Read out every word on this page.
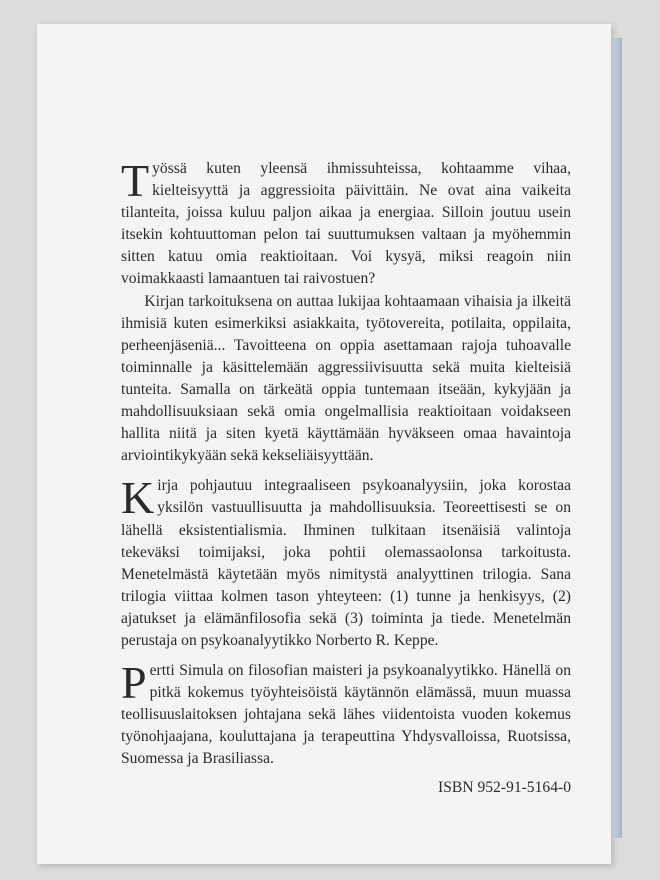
Työssä kuten yleensä ihmissuhteissa, kohtaamme vihaa, kielteisyyttä ja aggressioita päivittäin. Ne ovat aina vaikeita tilanteita, joissa kuluu paljon aikaa ja energiaa. Silloin joutuu usein itsekin kohtuuttoman pelon tai suuttumuksen valtaan ja myöhemmin sitten katuu omia reaktioitaan. Voi kysyä, miksi reagoin niin voimakkaasti lamaantuen tai raivostuen?

Kirjan tarkoituksena on auttaa lukijaa kohtaamaan vihaisia ja ilkeitä ihmisiä kuten esimerkiksi asiakkaita, työtovereita, potilaita, oppilaita, perheenjäseniä... Tavoitteena on oppia asettamaan rajoja tuhoavalle toiminnalle ja käsittelemään aggressiivisuutta sekä muita kielteisiä tunteita. Samalla on tärkeätä oppia tuntemaan itseään, kykyjään ja mahdollisuuksiaan sekä omia ongelmallisia reaktioitaan voidakseen hallita niitä ja siten kyetä käyttämään hyväkseen omaa havaintoja arviointikykyään sekä kekseliäisyyttään.

Kirja pohjautuu integraaliseen psykoanalyysiin, joka korostaa yksilön vastuullisuutta ja mahdollisuuksia. Teoreettisesti se on lähellä eksistentialismia. Ihminen tulkitaan itsenäisiä valintoja tekeväksi toimijaksi, joka pohtii olemassaolonsa tarkoitusta. Menetelmästä käytetään myös nimitystä analyyttinen trilogia. Sana trilogia viittaa kolmen tason yhteyteen: (1) tunne ja henkisyys, (2) ajatukset ja elämänfilosofia sekä (3) toiminta ja tiede. Menetelmän perustaja on psykoanalyytikko Norberto R. Keppe.

Pertti Simula on filosofian maisteri ja psykoanalyytikko. Hänellä on pitkä kokemus työyhteisöistä käytännön elämässä, muun muassa teollisuuslaitoksen johtajana sekä lähes viidentoista vuoden kokemus työnohjaajana, kouluttajana ja terapeuttina Yhdysvalloissa, Ruotsissa, Suomessa ja Brasiliassa.

ISBN 952-91-5164-0
